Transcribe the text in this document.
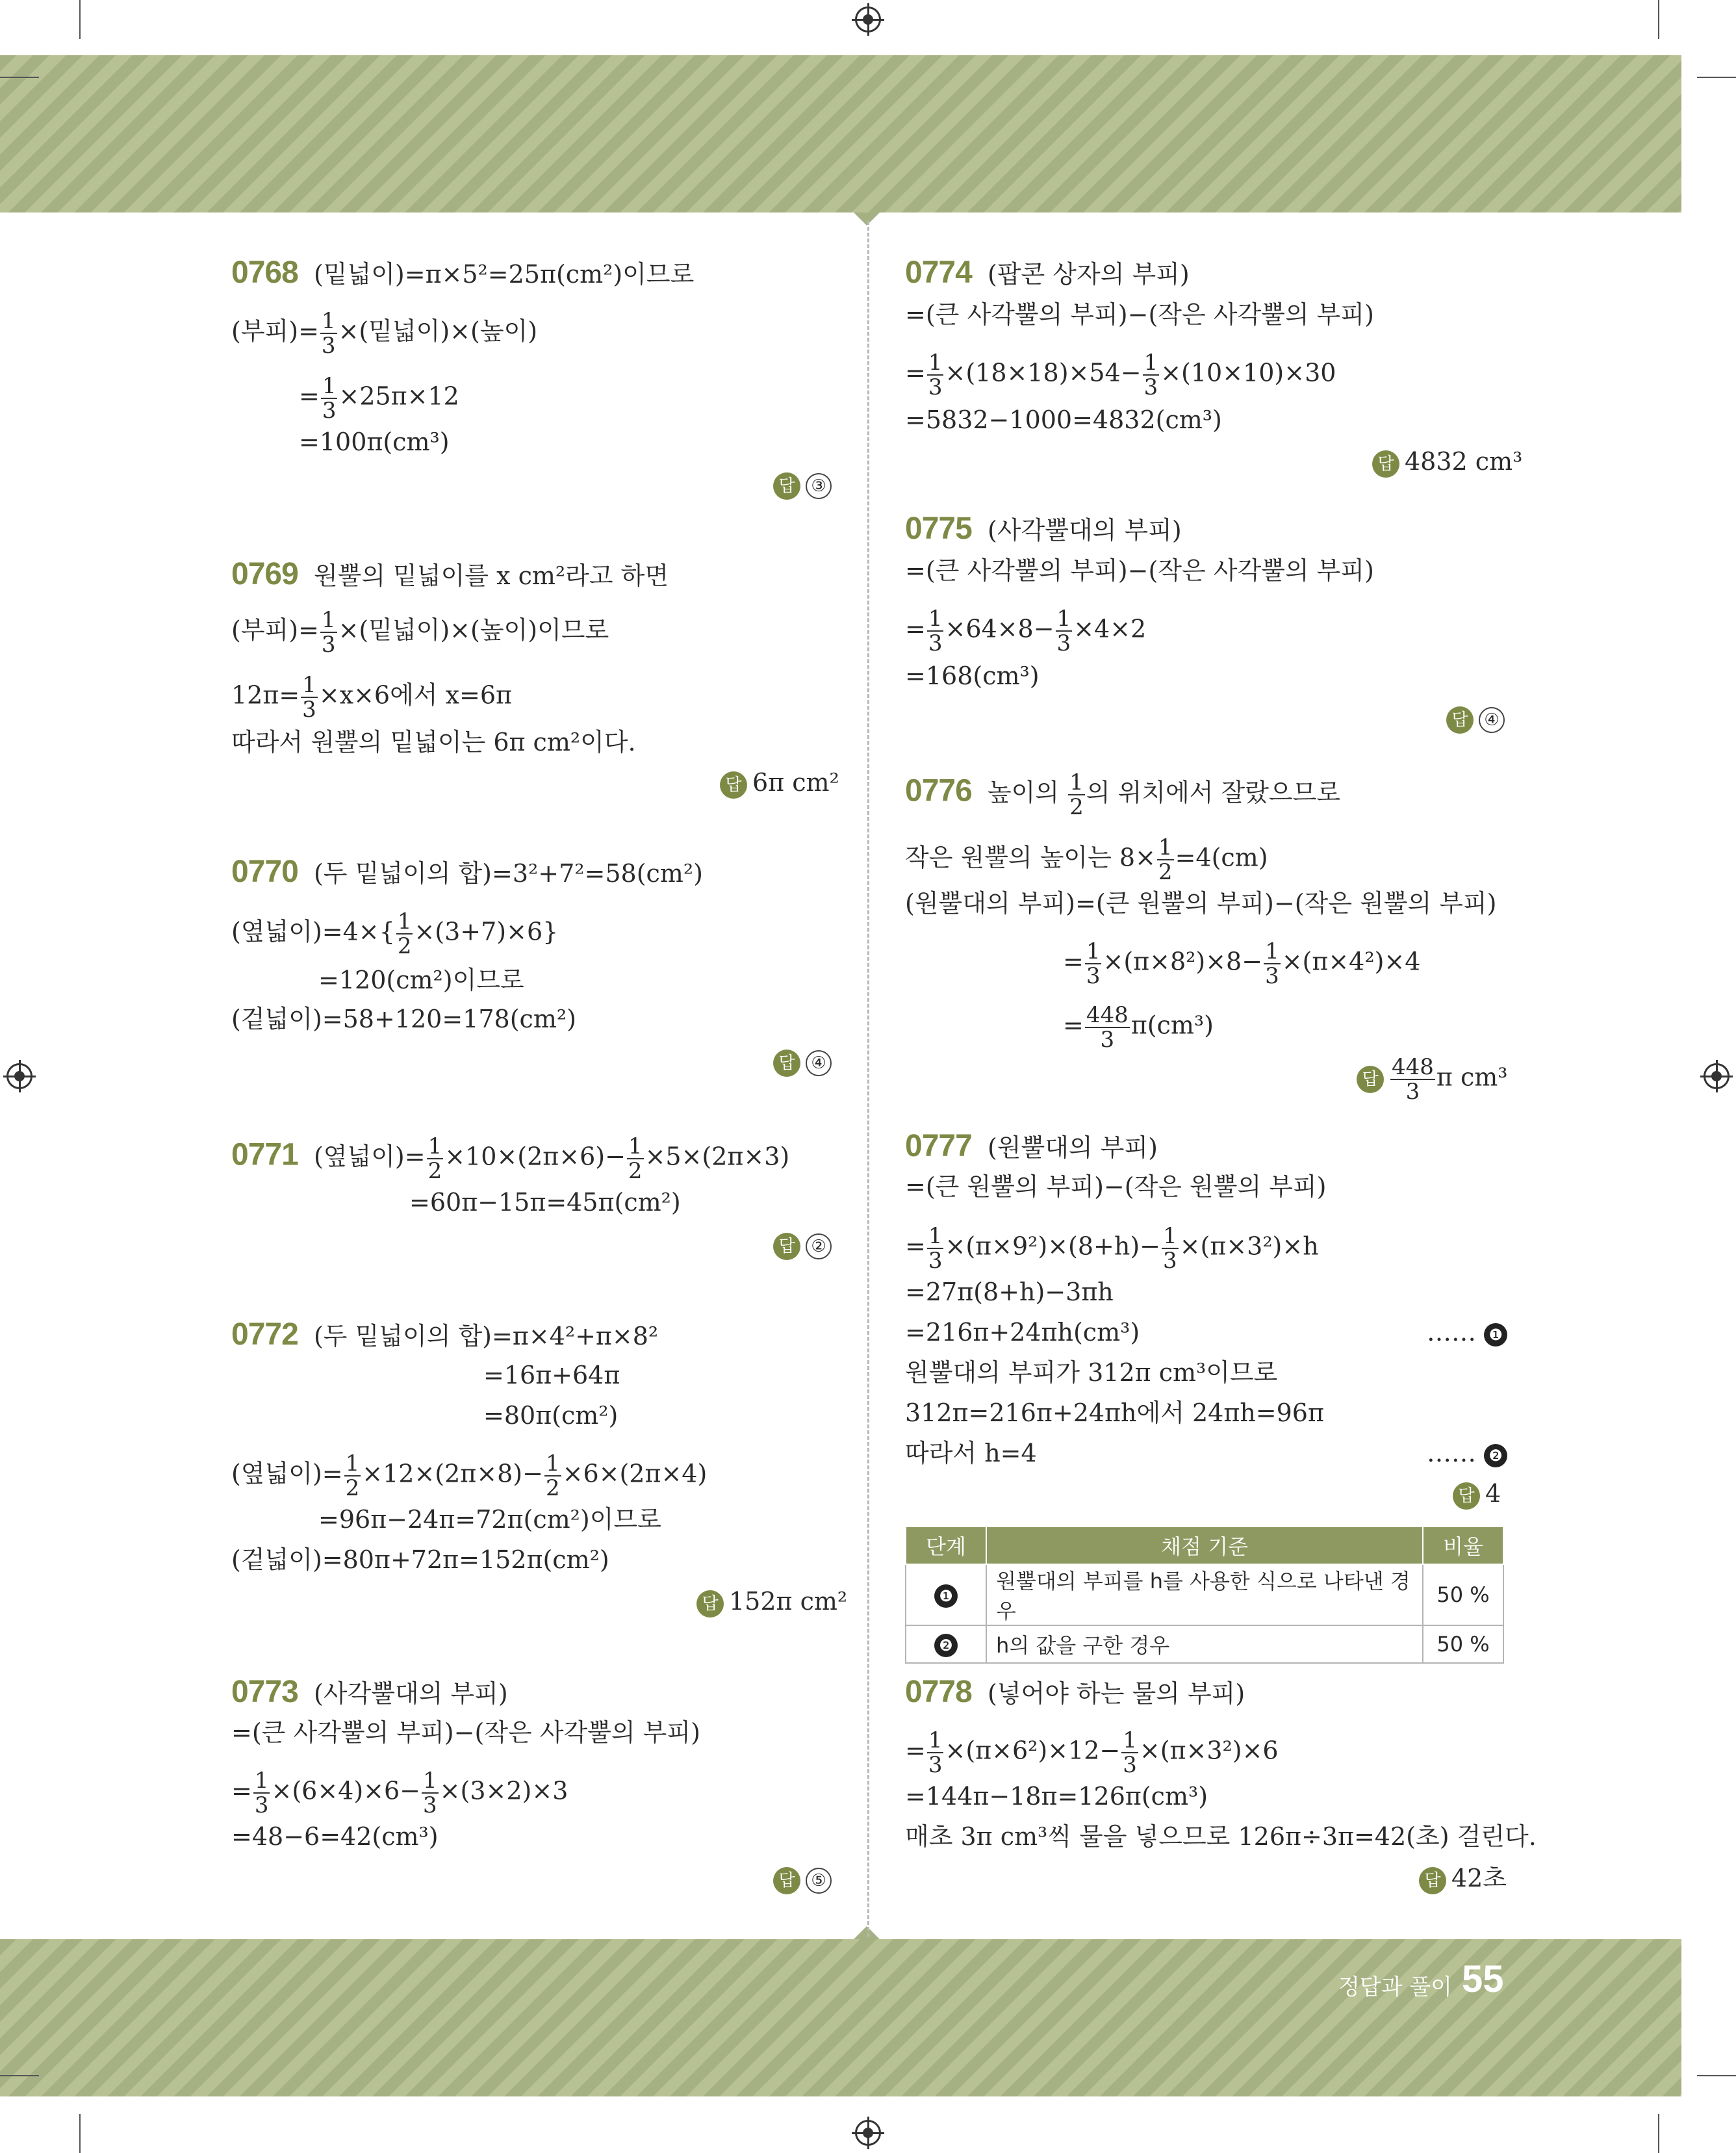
0768 (밑넓이)=π×5²=25π(cm²)이므로
(부피)= $\frac{1}{3}$ ×(밑넓이)×(높이)
= $\frac{1}{3} \times 25\pi\times 12$
=100π(cm³)
답 ③
0769 원뿔의 밑넓이를 x cm²라고 하면
(부피)= $\frac{1}{3}$ ×(밑넓이)×(높이)이므로
$12\pi= \frac{1}{3} \times x\times 6$에서 x=6π
따라서 원뿔의 밑넓이는 6π cm²이다.
답 6π cm²
0770 (두 밑넓이의 합)=3²+7²=58(cm²)
(옆넓이)$=4\times\{ \frac{1}{2} \times(3+7)\times 6\}$
=120(cm²)이므로
(겉넓이)=58+120=178(cm²)
답 ④
0771 (옆넓이)= $\frac{1}{2} \times 10\times(2\pi\times 6)- \frac{1}{2} \times 5\times(2\pi\times 3)$
=60π−15π=45π(cm²)
답 ②
0772 (두 밑넓이의 합)=π×4²+π×8²
=16π+64π
=80π(cm²)
(옆넓이)= $\frac{1}{2} \times 12\times(2\pi\times 8)- \frac{1}{2} \times 6\times(2\pi\times 4)$
=96π−24π=72π(cm²)이므로
(겉넓이)=80π+72π=152π(cm²)
답 152π cm²
0773 (사각뿔대의 부피)
=(큰 사각뿔의 부피)−(작은 사각뿔의 부피)
= $\frac{1}{3} \times(6\times 4)\times 6- \frac{1}{3} \times(3\times 2)\times 3$
=48−6=42(cm³)
답 ⑤
0774 (팝콘 상자의 부피)
=(큰 사각뿔의 부피)−(작은 사각뿔의 부피)
= $\frac{1}{3} \times(18\times 18)\times 54- \frac{1}{3} \times(10\times 10)\times 30$
=5832−1000=4832(cm³)
답 4832 cm³
0775 (사각뿔대의 부피)
=(큰 사각뿔의 부피)−(작은 사각뿔의 부피)
= $\frac{1}{3} \times 64\times 8- \frac{1}{3} \times 4\times 2$
=168(cm³)
답 ④
0776 높이의 $\frac{1}{2}$ 의 위치에서 잘랐으므로
작은 원뿔의 높이는 $8\times \frac{1}{2} =4(cm)$
(원뿔대의 부피)=(큰 원뿔의 부피)−(작은 원뿔의 부피)
= $\frac{1}{3} \times(\pi\times 8^2)\times 8- \frac{1}{3} \times(\pi\times 4^2)\times 4$
= $\frac{448}{3} \pi(cm^3)$
답 $\frac{448}{3}$ π cm³
0777 (원뿔대의 부피)
=(큰 원뿔의 부피)−(작은 원뿔의 부피)
= $\frac{1}{3} \times(\pi\times 9^2)\times(8+h)- \frac{1}{3} \times(\pi\times 3^2)\times h$
=27π(8+h)−3πh
=216π+24πh(cm³)	…… ❶
원뿔대의 부피가 312π cm³이므로
312π=216π+24πh에서 24πh=96π
따라서 h=4	…… ❷
답 4
단계	채점 기준	비율
❶	원뿔대의 부피를 h를 사용한 식으로 나타낸 경우	50 %
❷	h의 값을 구한 경우	50 %
0778 (넣어야 하는 물의 부피)
= $\frac{1}{3} \times(\pi\times 6^2)\times 12- \frac{1}{3} \times(\pi\times 3^2)\times 6$
=144π−18π=126π(cm³)
매초 3π cm³씩 물을 넣으므로 126π÷3π=42(초) 걸린다.
답 42초
정답과 풀이 55
